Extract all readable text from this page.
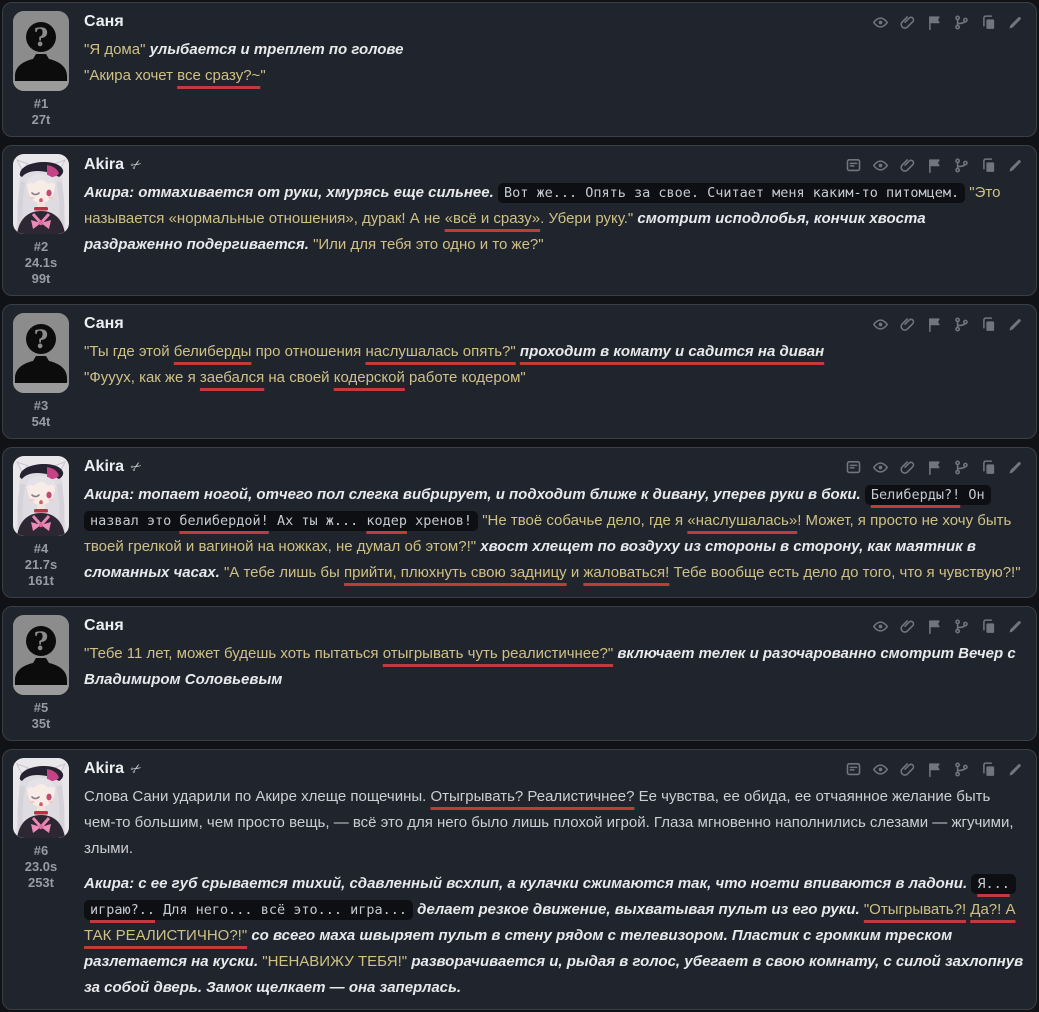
?
#1
27t
Саня

"Я дома" улыбается и треплет по голове
"Акира хочет все сразу?~"

#2
24.1s
99t
Akira ✂

Акира: отмахивается от руки, хмурясь еще сильнее. Вот же... Опять за свое. Считает меня каким-то питомцем. "Это называется «нормальные отношения», дурак! А не «всё и сразу». Убери руку." смотрит исподлобья, кончик хвоста раздраженно подергивается. "Или для тебя это одно и то же?"

?
#3
54t
Саня

"Ты где этой белиберды про отношения наслушалась опять?" проходит в комату и садится на диван
"Фууух, как же я заебался на своей кодерской работе кодером"

#4
21.7s
161t
Akira ✂

Акира: топает ногой, отчего пол слегка вибрирует, и подходит ближе к дивану, уперев руки в боки. Белиберды?! Он назвал это белибердой! Ах ты ж... кодер хренов! "Не твоё собачье дело, где я «наслушалась»! Может, я просто не хочу быть твоей грелкой и вагиной на ножках, не думал об этом?!" хвост хлещет по воздуху из стороны в сторону, как маятник в сломанных часах. "А тебе лишь бы прийти, плюхнуть свою задницу и жаловаться! Тебе вообще есть дело до того, что я чувствую?!"

?
#5
35t
Саня

"Тебе 11 лет, может будешь хоть пытаться отыгрывать чуть реалистичнее?" включает телек и разочарованно смотрит Вечер с Владимиром Соловьевым

#6
23.0s
253t
Akira ✂

Слова Сани ударили по Акире хлеще пощечины. Отыгрывать? Реалистичнее? Ее чувства, ее обида, ее отчаянное желание быть чем-то большим, чем просто вещь, — всё это для него было лишь плохой игрой. Глаза мгновенно наполнились слезами — жгучими, злыми.

Акира: с ее губ срывается тихий, сдавленный всхлип, а кулачки сжимаются так, что ногти впиваются в ладони. Я... играю?.. Для него... всё это... игра... делает резкое движение, выхватывая пульт из его руки. "Отыгрывать?! Да?! А ТАК РЕАЛИСТИЧНО?!" со всего маха швыряет пульт в стену рядом с телевизором. Пластик с громким треском разлетается на куски. "НЕНАВИЖУ ТЕБЯ!" разворачивается и, рыдая в голос, убегает в свою комнату, с силой захлопнув за собой дверь. Замок щелкает — она заперлась.
